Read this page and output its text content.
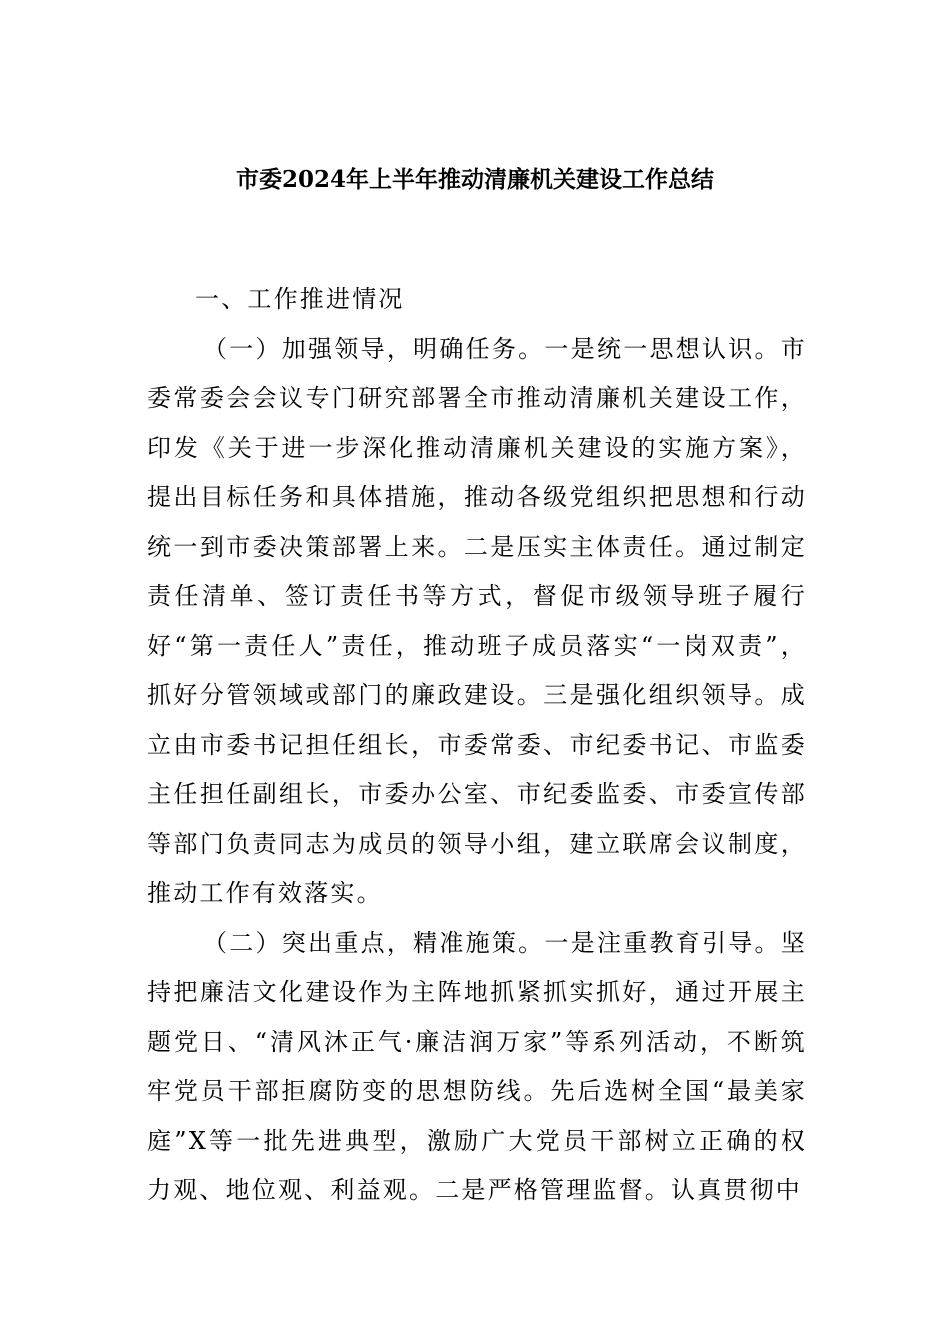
市委2024年上半年推动清廉机关建设工作总结

一、工作推进情况

（一）加强领导，明确任务。一是统一思想认识。市委常委会会议专门研究部署全市推动清廉机关建设工作，印发《关于进一步深化推动清廉机关建设的实施方案》，提出目标任务和具体措施，推动各级党组织把思想和行动统一到市委决策部署上来。二是压实主体责任。通过制定责任清单、签订责任书等方式，督促市级领导班子履行好“第一责任人”责任，推动班子成员落实“一岗双责”，抓好分管领域或部门的廉政建设。三是强化组织领导。成立由市委书记担任组长，市委常委、市纪委书记、市监委主任担任副组长，市委办公室、市纪委监委、市委宣传部等部门负责同志为成员的领导小组，建立联席会议制度，推动工作有效落实。

（二）突出重点，精准施策。一是注重教育引导。坚持把廉洁文化建设作为主阵地抓紧抓实抓好，通过开展主题党日、“清风沐正气·廉洁润万家”等系列活动，不断筑牢党员干部拒腐防变的思想防线。先后选树全国“最美家庭”X等一批先进典型，激励广大党员干部树立正确的权力观、地位观、利益观。二是严格管理监督。认真贯彻中
